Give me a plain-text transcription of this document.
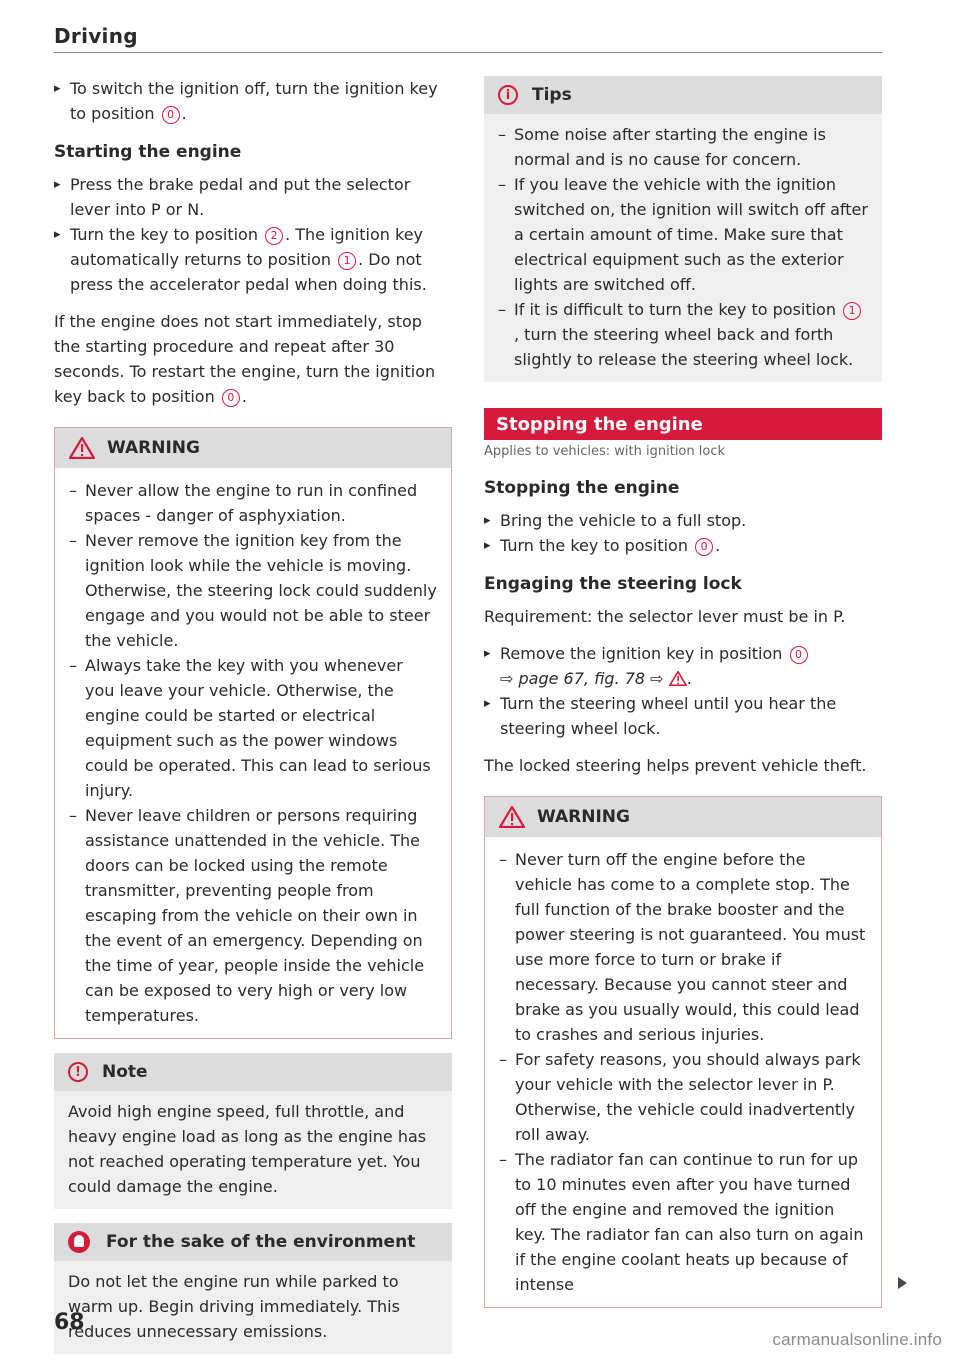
Driving

▸ To switch the ignition off, turn the ignition key to position 0 .

Starting the engine

▸ Press the brake pedal and put the selector lever into P or N.

▸ Turn the key to position 2 . The ignition key automatically returns to position 1 . Do not press the accelerator pedal when doing this.

If the engine does not start immediately, stop the starting procedure and repeat after 30 seconds. To restart the engine, turn the ignition key back to position 0 .

WARNING

– Never allow the engine to run in confined spaces - danger of asphyxiation.

– Never remove the ignition key from the ignition look while the vehicle is moving. Otherwise, the steering lock could suddenly engage and you would not be able to steer the vehicle.

– Always take the key with you whenever you leave your vehicle. Otherwise, the engine could be started or electrical equipment such as the power windows could be operated. This can lead to serious injury.

– Never leave children or persons requiring assistance unattended in the vehicle. The doors can be locked using the remote transmitter, preventing people from escaping from the vehicle on their own in the event of an emergency. Depending on the time of year, people inside the vehicle can be exposed to very high or very low temperatures.

!	Note

Avoid high engine speed, full throttle, and heavy engine load as long as the engine has not reached operating temperature yet. You could damage the engine.

For the sake of the environment

Do not let the engine run while parked to warm up. Begin driving immediately. This reduces unnecessary emissions.

i	Tips

– Some noise after starting the engine is normal and is no cause for concern.

– If you leave the vehicle with the ignition switched on, the ignition will switch off after a certain amount of time. Make sure that electrical equipment such as the exterior lights are switched off.

– If it is difficult to turn the key to position 1, turn the steering wheel back and forth slightly to release the steering wheel lock.

Stopping the engine
Applies to vehicles: with ignition lock
Stopping the engine

▸ Bring the vehicle to a full stop.

▸ Turn the key to position 0 .

Engaging the steering lock

Requirement: the selector lever must be in P.

▸ Remove the ignition key in position 0
⇨ page 67, fig. 78 ⇨ .

▸ Turn the steering wheel until you hear the steering wheel lock.

The locked steering helps prevent vehicle theft.

WARNING

– Never turn off the engine before the vehicle has come to a complete stop. The full function of the brake booster and the power steering is not guaranteed. You must use more force to turn or brake if necessary. Because you cannot steer and brake as you usually would, this could lead to crashes and serious injuries.

– For safety reasons, you should always park your vehicle with the selector lever in P. Otherwise, the vehicle could inadvertently roll away.

– The radiator fan can continue to run for up to 10 minutes even after you have turned off the engine and removed the ignition key. The radiator fan can also turn on again if the engine coolant heats up because of intense

68
carmanualsonline.info
